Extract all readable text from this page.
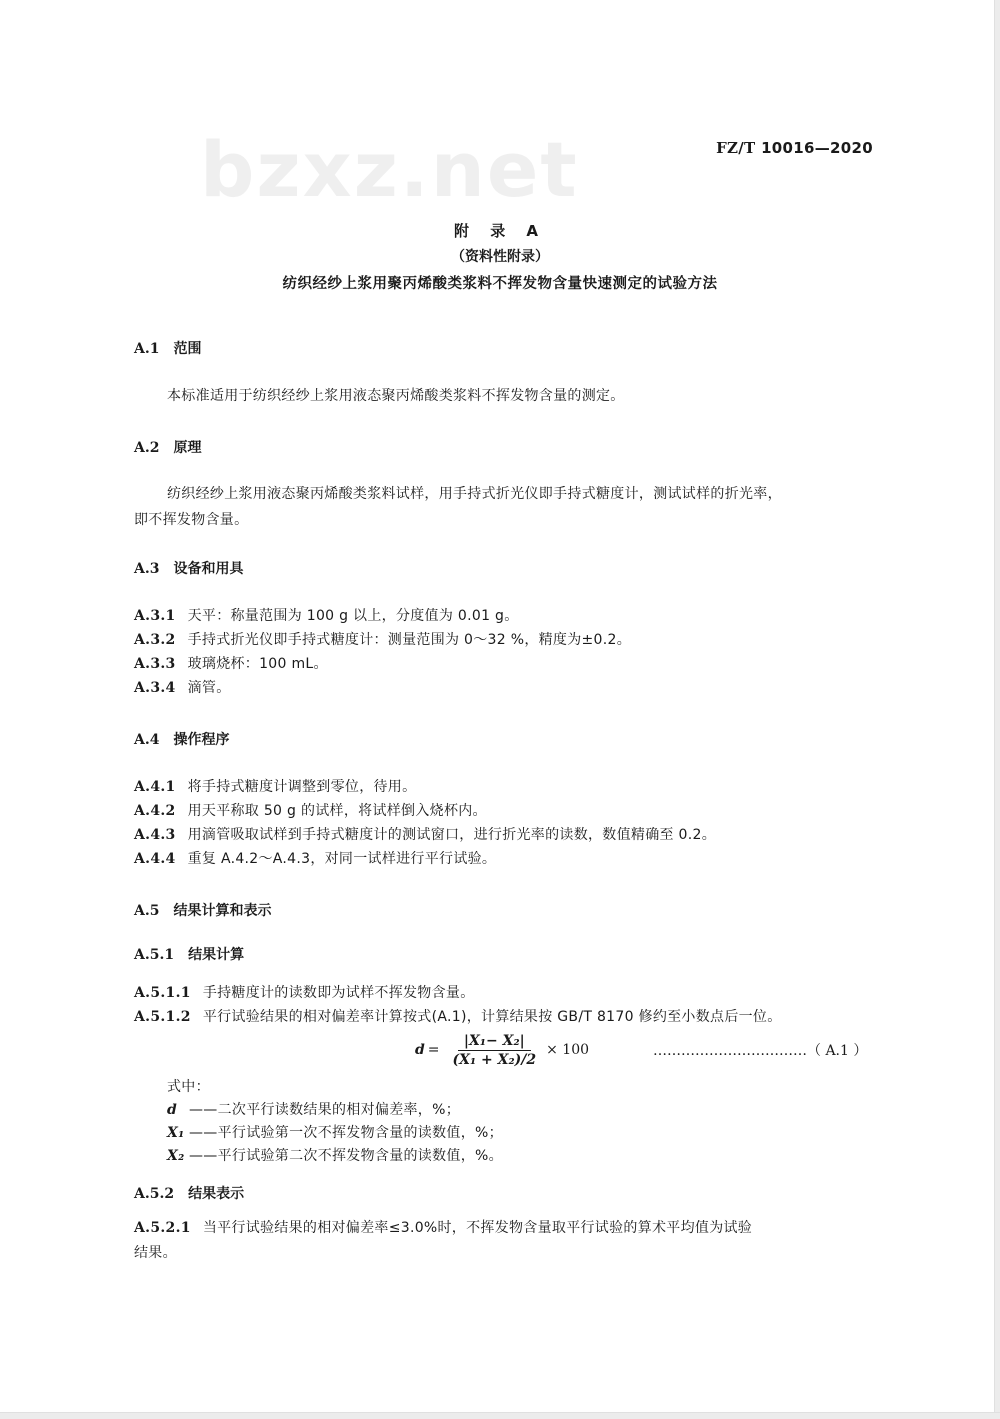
bzxz.net	FZ/T 10016—2020
附 录 A
（资料性附录）
纺织经纱上浆用聚丙烯酸类浆料不挥发物含量快速测定的试验方法
A.1 范围
本标准适用于纺织经纱上浆用液态聚丙烯酸类浆料不挥发物含量的测定。
A.2 原理
纺织经纱上浆用液态聚丙烯酸类浆料试样，用手持式折光仪即手持式糖度计，测试试样的折光率，
即不挥发物含量。
A.3 设备和用具
A.3.1 天平：称量范围为 100 g 以上，分度值为 0.01 g。
A.3.2 手持式折光仪即手持式糖度计：测量范围为 0～32 %，精度为±0.2。
A.3.3 玻璃烧杯：100 mL。
A.3.4 滴管。
A.4 操作程序
A.4.1 将手持式糖度计调整到零位，待用。
A.4.2 用天平称取 50 g 的试样，将试样倒入烧杯内。
A.4.3 用滴管吸取试样到手持式糖度计的测试窗口，进行折光率的读数，数值精确至 0.2。
A.4.4 重复 A.4.2～A.4.3，对同一试样进行平行试验。
A.5 结果计算和表示
A.5.1 结果计算
A.5.1.1 手持糖度计的读数即为试样不挥发物含量。
A.5.1.2 平行试验结果的相对偏差率计算按式(A.1)，计算结果按 GB/T 8170 修约至小数点后一位。
$d = \frac{\text{|X₁− X₂|}}{\text{(X₁ + X₂)/2}} \times 100$	……………………………（ A.1 ）
式中：
d ——二次平行读数结果的相对偏差率，%；
X₁ ——平行试验第一次不挥发物含量的读数值，%；
X₂ ——平行试验第二次不挥发物含量的读数值，%。
A.5.2 结果表示
A.5.2.1 当平行试验结果的相对偏差率≤3.0%时，不挥发物含量取平行试验的算术平均值为试验
结果。
